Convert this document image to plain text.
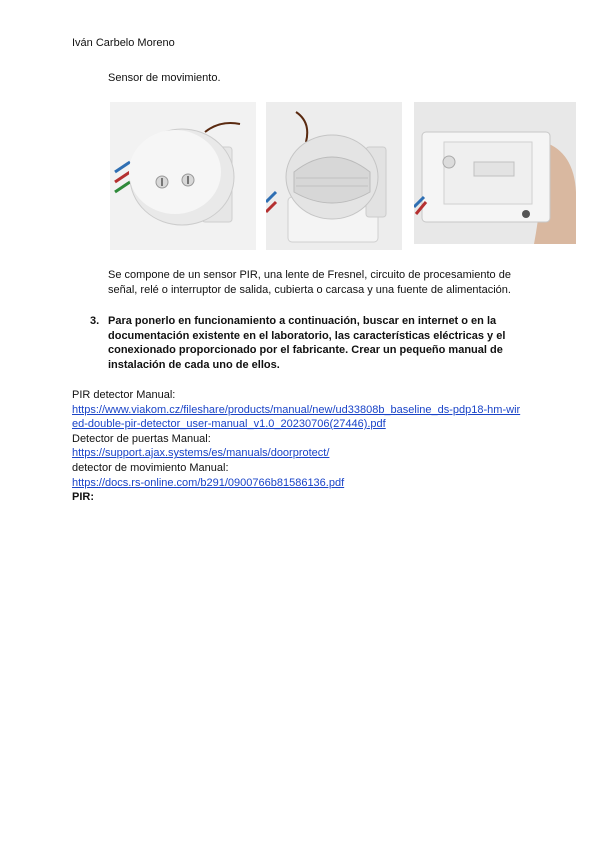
Iván Carbelo Moreno
Sensor de movimiento.
Se compone de un sensor PIR, una lente de Fresnel, circuito de procesamiento de señal, relé o interruptor de salida, cubierta o carcasa y una fuente de alimentación.
3. Para ponerlo en funcionamiento a continuación, buscar en internet o en la documentación existente en el laboratorio, las características eléctricas y el conexionado proporcionado por el fabricante. Crear un pequeño manual de instalación de cada uno de ellos.
PIR detector Manual:
https://www.viakom.cz/fileshare/products/manual/new/ud33808b_baseline_ds-pdp18-hm-wir
ed-double-pir-detector_user-manual_v1.0_20230706(27446).pdf
Detector de puertas Manual:
https://support.ajax.systems/es/manuals/doorprotect/
detector de movimiento Manual:
https://docs.rs-online.com/b291/0900766b81586136.pdf
PIR:
